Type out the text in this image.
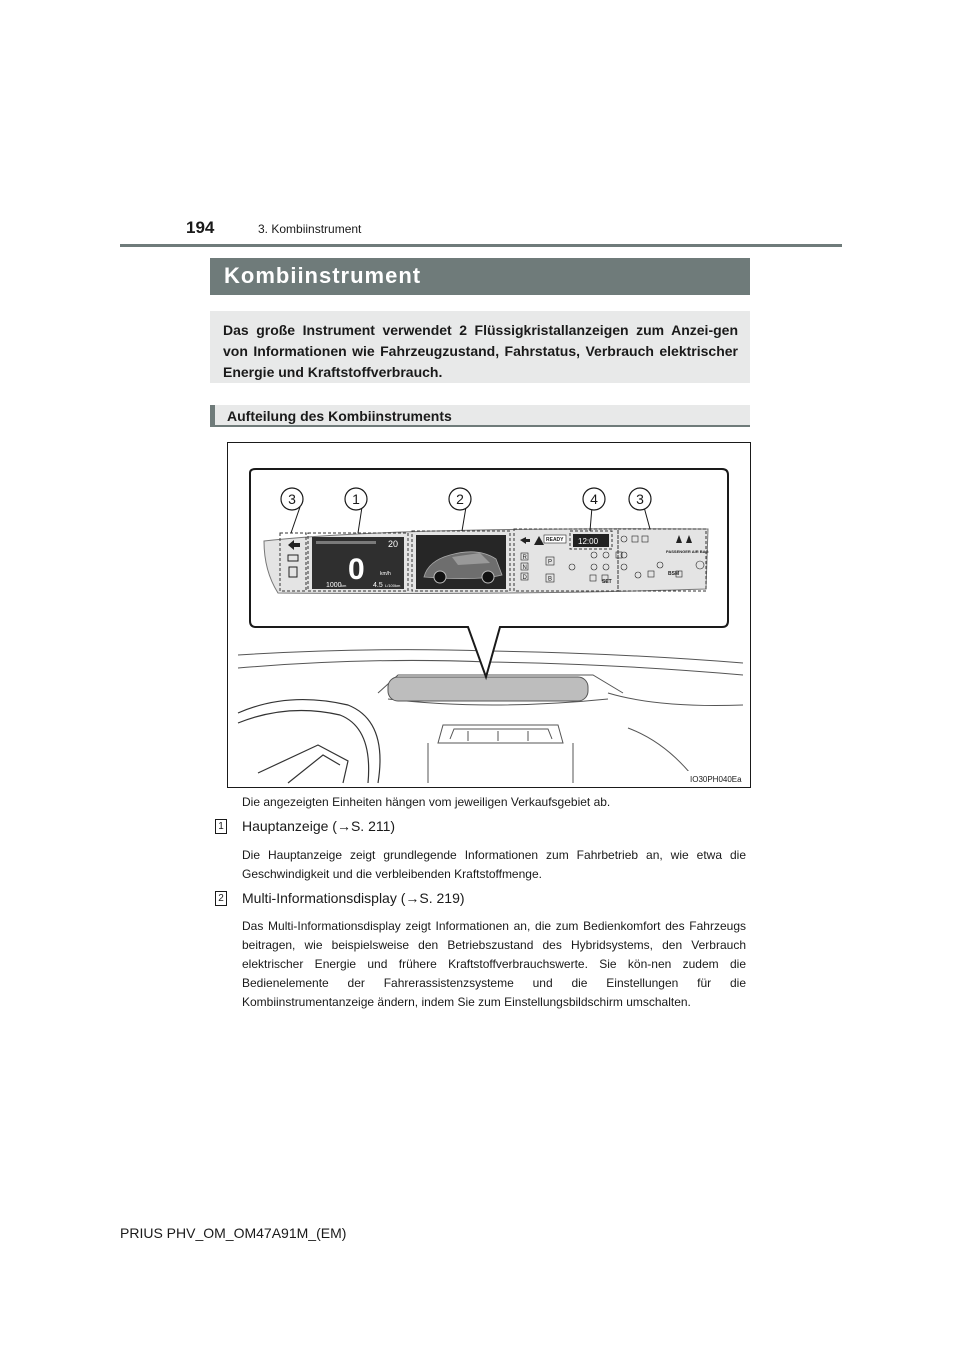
194	3. Kombiinstrument
Kombiinstrument

Das große Instrument verwendet 2 Flüssigkristallanzeigen zum Anzei-gen von Informationen wie Fahrzeugzustand, Fahrstatus, Verbrauch elektrischer Energie und Kraftstoffverbrauch.

Aufteilung des Kombiinstruments
20
0	km/h
1000 km	4.5 L/100km
READY 12:00
R
N
D
P
B
PASSENGER AIR BAG
BSM
SET
3	1	2	4	3
IO30PH040Ea
Die angezeigten Einheiten hängen vom jeweiligen Verkaufsgebiet ab.
1 Hauptanzeige (→S. 211)

Die Hauptanzeige zeigt grundlegende Informationen zum Fahrbetrieb an, wie etwa die Geschwindigkeit und die verbleibenden Kraftstoffmenge.

2 Multi-Informationsdisplay (→S. 219)

Das Multi-Informationsdisplay zeigt Informationen an, die zum Bedienkomfort des Fahrzeugs beitragen, wie beispielsweise den Betriebszustand des Hybridsystems, den Verbrauch elektrischer Energie und frühere Kraftstoffverbrauchswerte. Sie kön-nen zudem die Bedienelemente der Fahrerassistenzsysteme und die Einstellungen für die Kombiinstrumentanzeige ändern, indem Sie zum Einstellungsbildschirm umschalten.

PRIUS PHV_OM_OM47A91M_(EM)
